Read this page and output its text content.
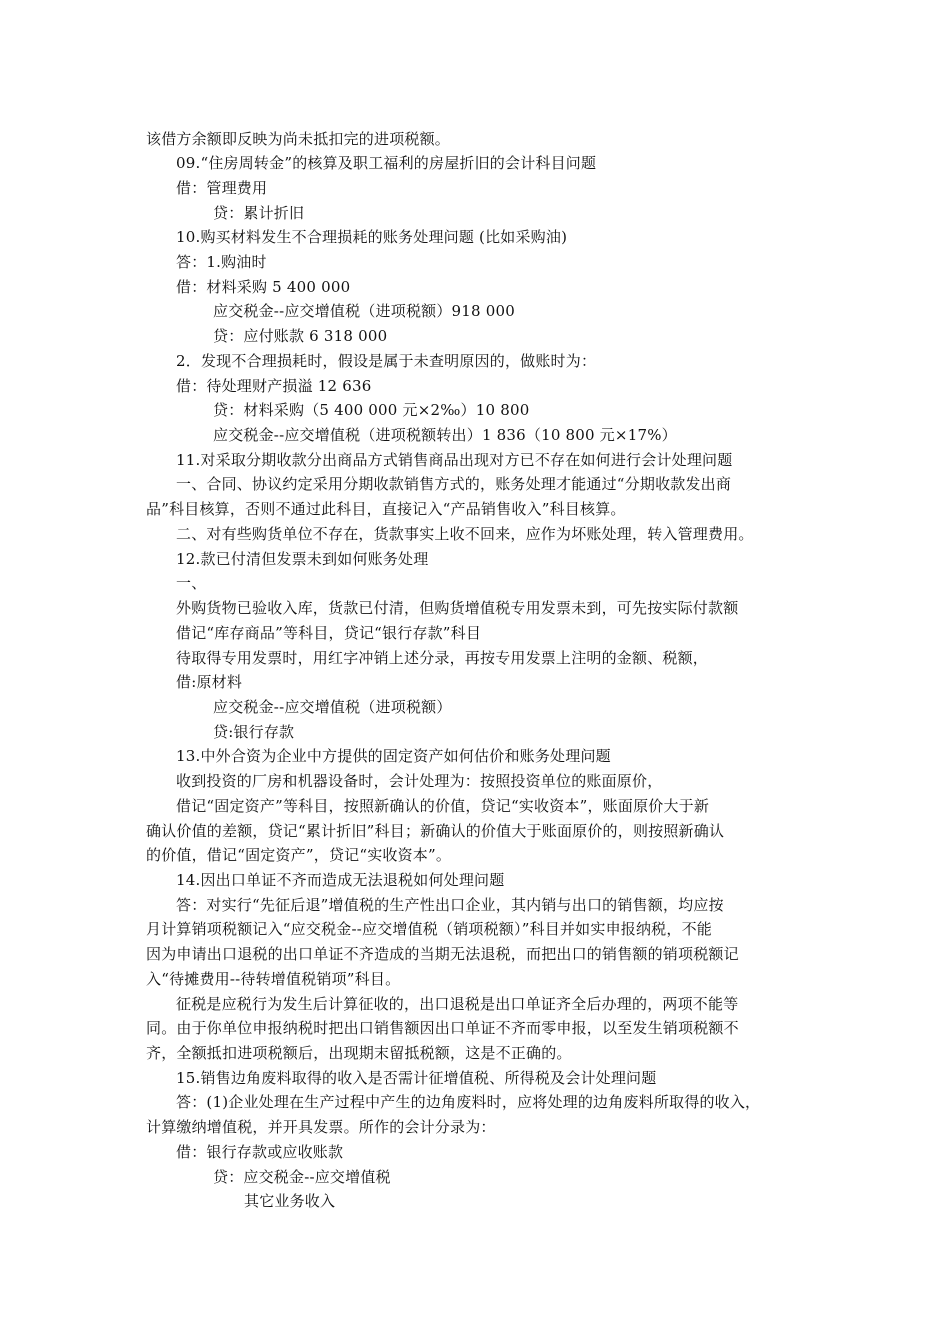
该借方余额即反映为尚未抵扣完的进项税额。
09.“住房周转金”的核算及职工福利的房屋折旧的会计科目问题
借：管理费用
贷：累计折旧
10.购买材料发生不合理损耗的账务处理问题 (比如采购油)
答：1.购油时
借：材料采购 5 400 000
应交税金--应交增值税（进项税额）918 000
贷：应付账款 6 318 000
2．发现不合理损耗时，假设是属于未查明原因的，做账时为：
借：待处理财产损溢 12 636
贷：材料采购（5 400 000 元×2‰）10 800
应交税金--应交增值税（进项税额转出）1 836（10 800 元×17%）
11.对采取分期收款分出商品方式销售商品出现对方已不存在如何进行会计处理问题
一、合同、协议约定采用分期收款销售方式的，账务处理才能通过“分期收款发出商
品”科目核算，否则不通过此科目，直接记入“产品销售收入”科目核算。
二、对有些购货单位不存在，货款事实上收不回来，应作为坏账处理，转入管理费用。
12.款已付清但发票未到如何账务处理
一、
外购货物已验收入库，货款已付清，但购货增值税专用发票未到，可先按实际付款额
借记“库存商品”等科目，贷记“银行存款”科目
待取得专用发票时，用红字冲销上述分录，再按专用发票上注明的金额、税额，
借:原材料
应交税金--应交增值税（进项税额）
贷:银行存款
13.中外合资为企业中方提供的固定资产如何估价和账务处理问题
收到投资的厂房和机器设备时，会计处理为：按照投资单位的账面原价，
借记“固定资产”等科目，按照新确认的价值，贷记“实收资本”，账面原价大于新
确认价值的差额，贷记“累计折旧”科目；新确认的价值大于账面原价的，则按照新确认
的价值，借记“固定资产”，贷记“实收资本”。
14.因出口单证不齐而造成无法退税如何处理问题
答：对实行“先征后退”增值税的生产性出口企业，其内销与出口的销售额，均应按
月计算销项税额记入“应交税金--应交增值税（销项税额）”科目并如实申报纳税，不能
因为申请出口退税的出口单证不齐造成的当期无法退税，而把出口的销售额的销项税额记
入“待摊费用--待转增值税销项”科目。
征税是应税行为发生后计算征收的，出口退税是出口单证齐全后办理的，两项不能等
同。由于你单位申报纳税时把出口销售额因出口单证不齐而零申报，以至发生销项税额不
齐，全额抵扣进项税额后，出现期末留抵税额，这是不正确的。
15.销售边角废料取得的收入是否需计征增值税、所得税及会计处理问题
答：(1)企业处理在生产过程中产生的边角废料时，应将处理的边角废料所取得的收入，
计算缴纳增值税，并开具发票。所作的会计分录为：
借：银行存款或应收账款
贷：应交税金--应交增值税
其它业务收入
